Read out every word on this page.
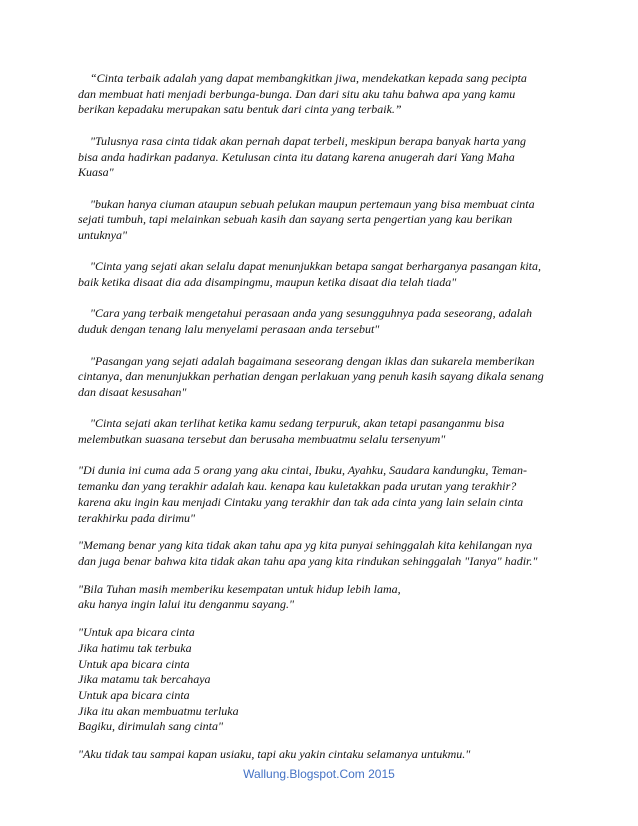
“Cinta terbaik adalah yang dapat membangkitkan jiwa, mendekatkan kepada sang pecipta
dan membuat hati menjadi berbunga-bunga. Dan dari situ aku tahu bahwa apa yang kamu
berikan kepadaku merupakan satu bentuk dari cinta yang terbaik.”

"Tulusnya rasa cinta tidak akan pernah dapat terbeli, meskipun berapa banyak harta yang
bisa anda hadirkan padanya. Ketulusan cinta itu datang karena anugerah dari Yang Maha
Kuasa"

"bukan hanya ciuman ataupun sebuah pelukan maupun pertemaun yang bisa membuat cinta
sejati tumbuh, tapi melainkan sebuah kasih dan sayang serta pengertian yang kau berikan
untuknya"

"Cinta yang sejati akan selalu dapat menunjukkan betapa sangat berharganya pasangan kita,
baik ketika disaat dia ada disampingmu, maupun ketika disaat dia telah tiada"

"Cara yang terbaik mengetahui perasaan anda yang sesungguhnya pada seseorang, adalah
duduk dengan tenang lalu menyelami perasaan anda tersebut"

"Pasangan yang sejati adalah bagaimana seseorang dengan iklas dan sukarela memberikan
cintanya, dan menunjukkan perhatian dengan perlakuan yang penuh kasih sayang dikala senang
dan disaat kesusahan"

"Cinta sejati akan terlihat ketika kamu sedang terpuruk, akan tetapi pasanganmu bisa
melembutkan suasana tersebut dan berusaha membuatmu selalu tersenyum"

"Di dunia ini cuma ada 5 orang yang aku cintai, Ibuku, Ayahku, Saudara kandungku, Teman-
temanku dan yang terakhir adalah kau. kenapa kau kuletakkan pada urutan yang terakhir?
karena aku ingin kau menjadi Cintaku yang terakhir dan tak ada cinta yang lain selain cinta
terakhirku pada dirimu"

"Memang benar yang kita tidak akan tahu apa yg kita punyai sehinggalah kita kehilangan nya
dan juga benar bahwa kita tidak akan tahu apa yang kita rindukan sehinggalah "Ianya" hadir."

"Bila Tuhan masih memberiku kesempatan untuk hidup lebih lama,
aku hanya ingin lalui itu denganmu sayang."

"Untuk apa bicara cinta
Jika hatimu tak terbuka
Untuk apa bicara cinta
Jika matamu tak bercahaya
Untuk apa bicara cinta
Jika itu akan membuatmu terluka
Bagiku, dirimulah sang cinta"

"Aku tidak tau sampai kapan usiaku, tapi aku yakin cintaku selamanya untukmu."

Wallung.Blogspot.Com 2015
